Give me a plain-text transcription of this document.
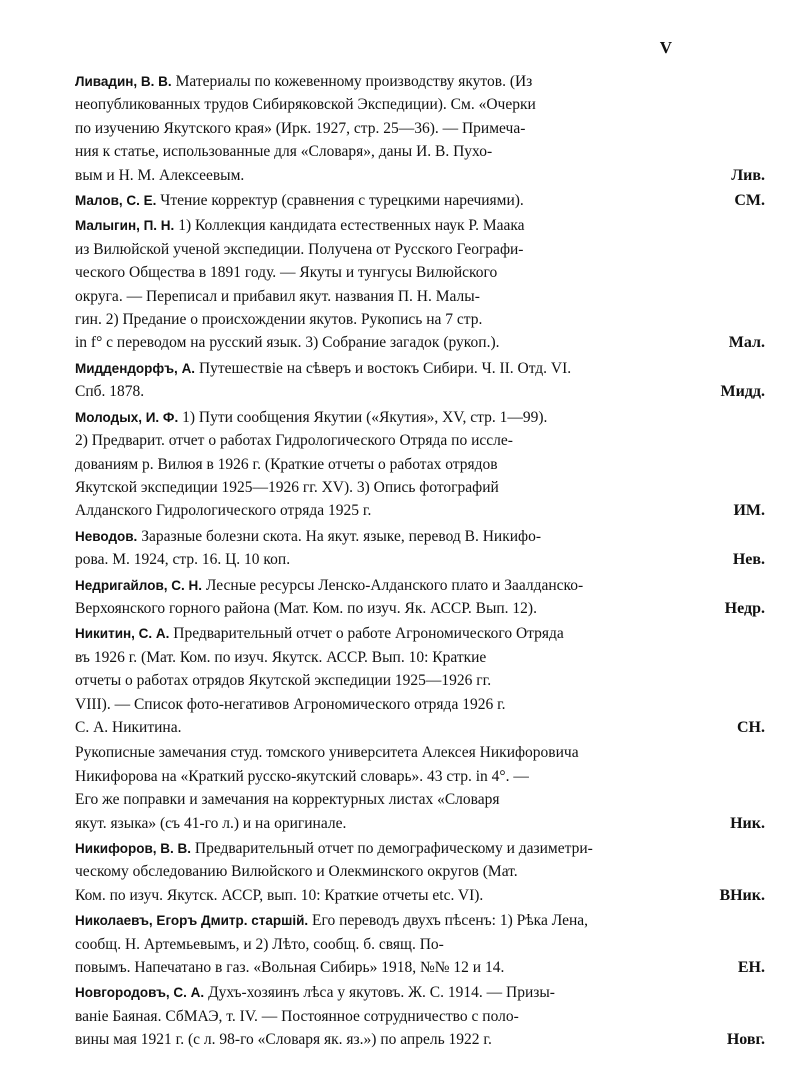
V
Ливадин, В. В. Материалы по кожевенному производству якутов. (Из
неопубликованных трудов Сибиряковской Экспедиции). См. «Очерки
по изучению Якутского края» (Ирк. 1927, стр. 25—36). — Примеча-
ния к статье, использованные для «Словаря», даны И. В. Пухо-
вым и Н. М. Алексеевым.	Лив.
Малов, С. Е. Чтение корректур (сравнения с турецкими наречиями).	СМ.
Малыгин, П. Н. 1) Коллекция кандидата естественных наук Р. Маака
из Вилюйской ученой экспедиции. Получена от Русского Географи-
ческого Общества в 1891 году. — Якуты и тунгусы Вилюйского
округа. — Переписал и прибавил якут. названия П. Н. Малы-
гин. 2) Предание о происхождении якутов. Рукопись на 7 стр.
in f° с переводом на русский язык. 3) Собрание загадок (рукоп.).	Мал.
Миддендорфъ, А. Путешествіе на сѣверъ и востокъ Сибири. Ч. II. Отд. VI.
Спб. 1878.	Мидд.
Молодых, И. Ф. 1) Пути сообщения Якутии («Якутия», XV, стр. 1—99).
2) Предварит. отчет о работах Гидрологического Отряда по иссле-
дованиям р. Вилюя в 1926 г. (Краткие отчеты о работах отрядов
Якутской экспедиции 1925—1926 гг. XV). 3) Опись фотографий
Алданского Гидрологического отряда 1925 г.	ИМ.
Неводов. Заразные болезни скота. На якут. языке, перевод В. Никифо-
рова. М. 1924, стр. 16. Ц. 10 коп.	Нев.
Недригайлов, С. Н. Лесные ресурсы Ленско-Алданского плато и Заалданско-
Верхоянского горного района (Мат. Ком. по изуч. Як. АССР. Вып. 12).	Недр.
Никитин, С. А. Предварительный отчет о работе Агрономического Отряда
въ 1926 г. (Мат. Ком. по изуч. Якутск. АССР. Вып. 10: Краткие
отчеты о работах отрядов Якутской экспедиции 1925—1926 гг.
VIII). — Список фото-негативов Агрономического отряда 1926 г.
С. А. Никитина.	СН.
Рукописные замечания студ. томского университета Алексея Никифоровича
Никифорова на «Краткий русско-якутский словарь». 43 стр. in 4°. —
Его же поправки и замечания на корректурных листах «Словаря
якут. языка» (съ 41-го л.) и на оригинале.	Ник.
Никифоров, В. В. Предварительный отчет по демографическому и дазиметри-
ческому обследованию Вилюйского и Олекминского округов (Мат.
Ком. по изуч. Якутск. АССР, вып. 10: Краткие отчеты etc. VI).	ВНик.
Николаевъ, Егоръ Дмитр. старшій. Его переводъ двухъ пѣсенъ: 1) Рѣка Лена,
сообщ. Н. Артемьевымъ, и 2) Лѣто, сообщ. б. свящ. По-
повымъ. Напечатано в газ. «Вольная Сибирь» 1918, №№ 12 и 14.	ЕН.
Новгородовъ, С. А. Духъ-хозяинъ лѣса у якутовъ. Ж. С. 1914. — Призы-
ваніе Баяная. СбМАЭ, т. IV. — Постоянное сотрудничество с поло-
вины мая 1921 г. (с л. 98-го «Словаря як. яз.») по апрель 1922 г.	Новг.
